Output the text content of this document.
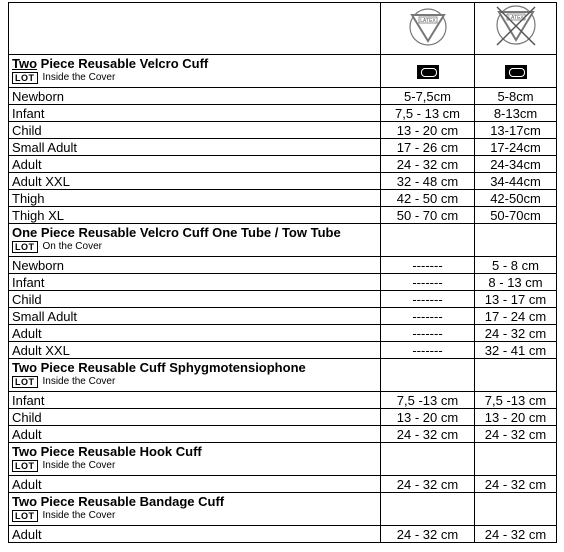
LATEX	LATEX

Two Piece Reusable Velcro Cuff
LOT Inside the Cover		

Newborn	5-7,5cm	5-8cm
Infant	7,5 - 13 cm	8-13cm
Child	13 - 20 cm	13-17cm
Small Adult	17 - 26 cm	17-24cm
Adult	24 - 32 cm	24-34cm
Adult XXL	32 - 48 cm	34-44cm
Thigh	42 - 50 cm	42-50cm
Thigh XL	50 - 70 cm	50-70cm

One Piece Reusable Velcro Cuff One Tube / Tow Tube
LOT On the Cover		

Newborn	-------	5 - 8 cm
Infant	-------	8 - 13 cm
Child	-------	13 - 17 cm
Small Adult	-------	17 - 24 cm
Adult	-------	24 - 32 cm
Adult XXL	-------	32 - 41 cm

Two Piece Reusable Cuff Sphygmotensiophone
LOT Inside the Cover		

Infant	7,5 -13 cm	7,5 -13 cm
Child	13 - 20 cm	13 - 20 cm
Adult	24 - 32 cm	24 - 32 cm

Two Piece Reusable Hook Cuff
LOT Inside the Cover		

Adult	24 - 32 cm	24 - 32 cm

Two Piece Reusable Bandage Cuff
LOT Inside the Cover		

Adult	24 - 32 cm	24 - 32 cm
